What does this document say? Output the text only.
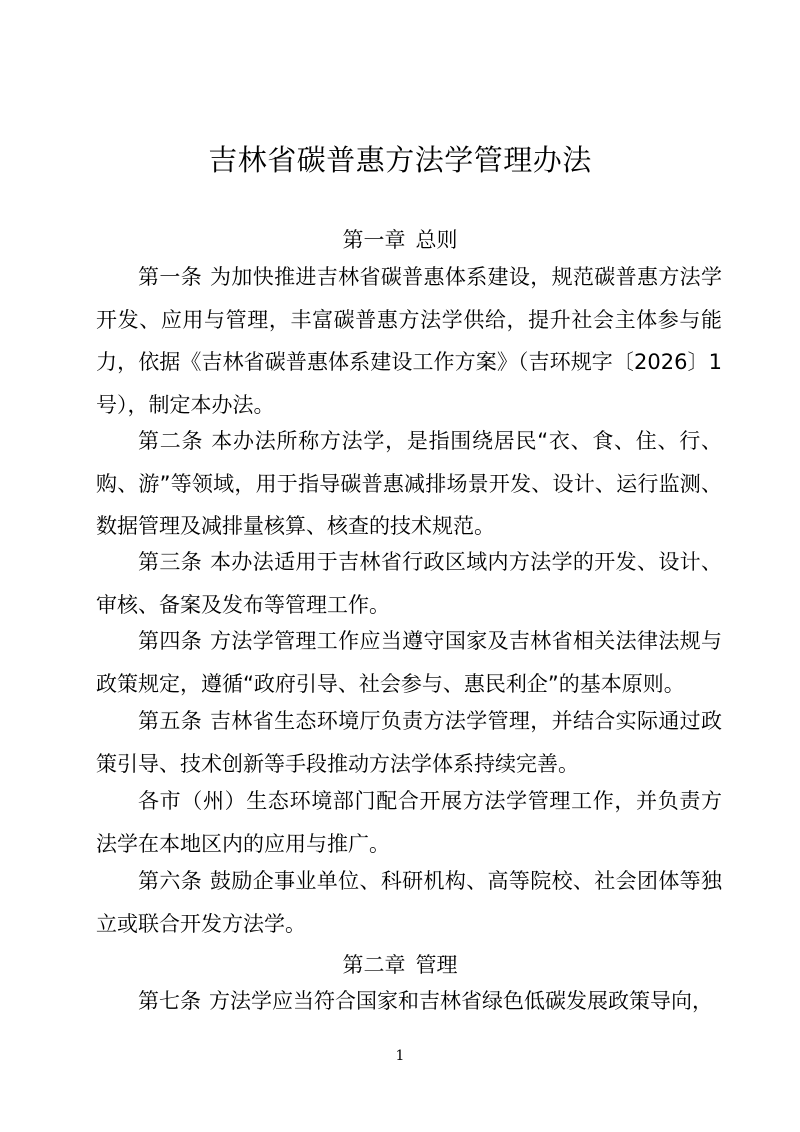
吉林省碳普惠方法学管理办法
第一章 总则

第一条 为加快推进吉林省碳普惠体系建设，规范碳普惠方法学开发、应用与管理，丰富碳普惠方法学供给，提升社会主体参与能力，依据《吉林省碳普惠体系建设工作方案》（吉环规字〔2026〕1号），制定本办法。

第二条 本办法所称方法学，是指围绕居民“衣、食、住、行、购、游”等领域，用于指导碳普惠减排场景开发、设计、运行监测、数据管理及减排量核算、核查的技术规范。

第三条 本办法适用于吉林省行政区域内方法学的开发、设计、审核、备案及发布等管理工作。

第四条 方法学管理工作应当遵守国家及吉林省相关法律法规与政策规定，遵循“政府引导、社会参与、惠民利企”的基本原则。

第五条 吉林省生态环境厅负责方法学管理，并结合实际通过政策引导、技术创新等手段推动方法学体系持续完善。

各市（州）生态环境部门配合开展方法学管理工作，并负责方法学在本地区内的应用与推广。

第六条 鼓励企事业单位、科研机构、高等院校、社会团体等独立或联合开发方法学。

第二章 管理

第七条 方法学应当符合国家和吉林省绿色低碳发展政策导向，

1
